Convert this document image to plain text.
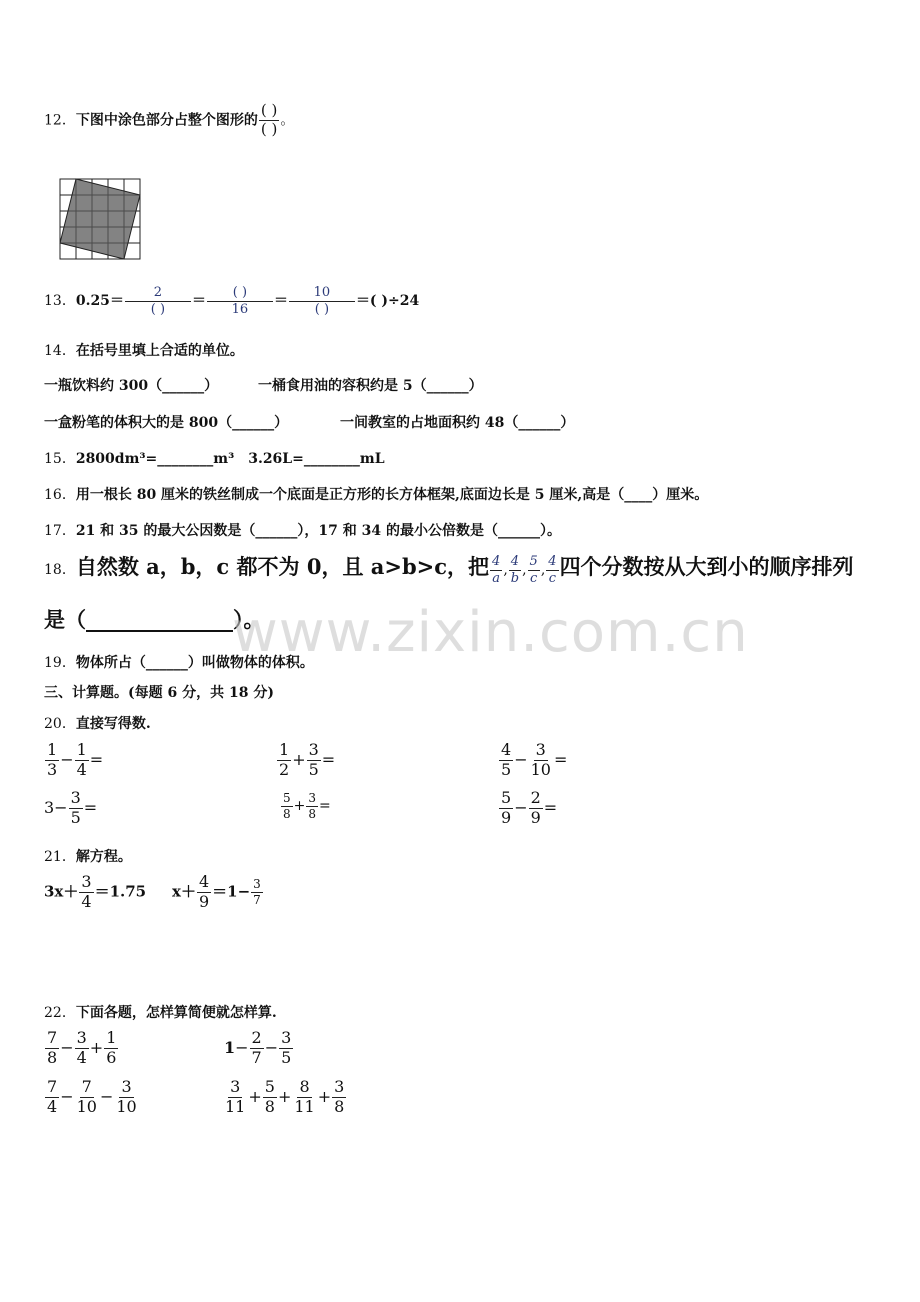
12．下图中涂色部分占整个图形的 $\frac{( )}{( )}$ 。
13．$0.25= \frac{2}{( )} = \frac{( )}{16} = \frac{10}{( )}$ ＝( )÷24
14．在括号里填上合适的单位。
一瓶饮料约 300（______）	一桶食用油的容积约是 5（______）
一盒粉笔的体积大的是 800（______）	一间教室的占地面积约 48（______）
15．2800dm³=________m³ 3.26L=________mL
16．用一根长 80 厘米的铁丝制成一个底面是正方形的长方体框架,底面边长是 5 厘米,高是（____）厘米。
17．21 和 35 的最大公因数是（______），17 和 34 的最小公倍数是（______）。
18．自然数 a，b，c 都不为 0，且 a>b>c，把 $\frac{4}{a}$ , $\frac{4}{b}$ , $\frac{5}{c}$ , $\frac{4}{c}$ 四个分数按从大到小的顺序排列
是（______________）。
www.zixin.com.cn
19．物体所占（______）叫做物体的体积。
三、计算题。(每题 6 分，共 18 分)
20．直接写得数.
$\frac{1}{3} - \frac{1}{4}$ =	$\frac{1}{2} + \frac{3}{5}$ =	$\frac{4}{5} - \frac{3}{10}$ =
$3- \frac{3}{5}$ =	$\frac{5}{8} + \frac{3}{8}$ =	$\frac{5}{9} - \frac{2}{9}$ =
21．解方程。
$3x+ \frac{3}{4} =1.75$ $x+ \frac{4}{9} =1- \frac{3}{7}$
22．下面各题，怎样算简便就怎样算.
$\frac{7}{8} - \frac{3}{4} + \frac{1}{6}$	$1- \frac{2}{7} - \frac{3}{5}$
$\frac{7}{4} - \frac{7}{10} - \frac{3}{10}$	$\frac{3}{11} + \frac{5}{8} + \frac{8}{11} + \frac{3}{8}$
